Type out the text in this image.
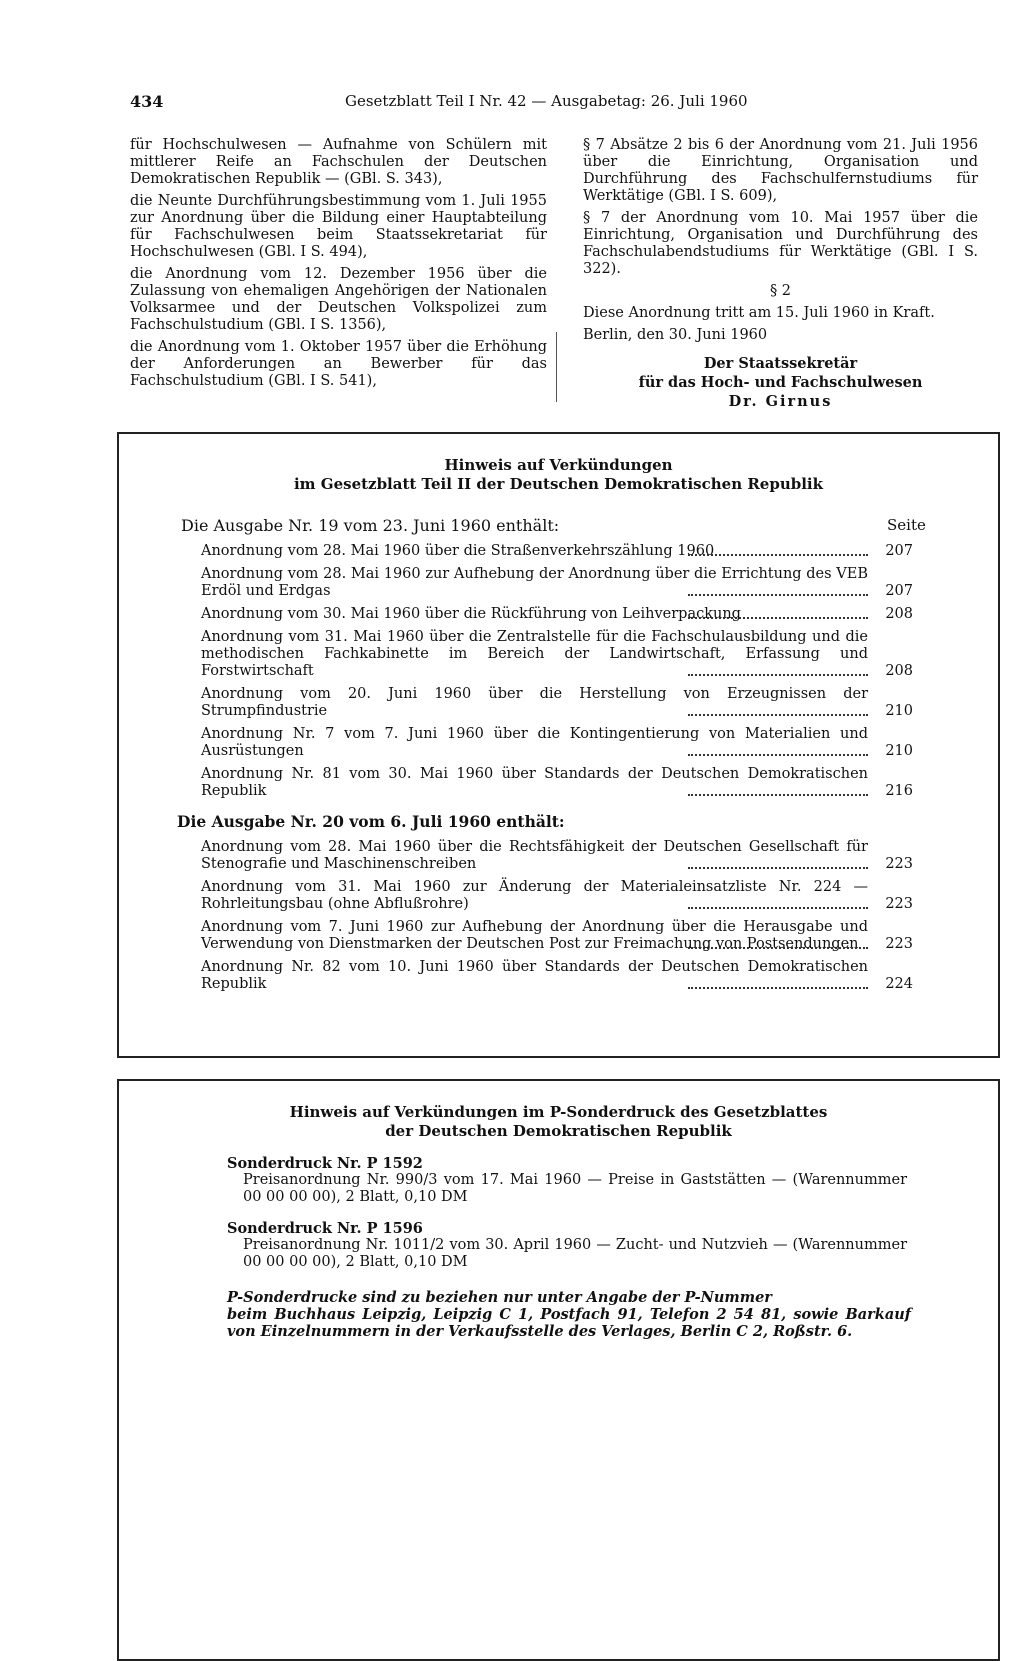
434	Gesetzblatt Teil I Nr. 42 — Ausgabetag: 26. Juli 1960

für Hochschulwesen — Aufnahme von Schülern mit mittlerer Reife an Fachschulen der Deutschen Demokratischen Republik — (GBl. S. 343),

die Neunte Durchführungsbestimmung vom 1. Juli 1955 zur Anordnung über die Bildung einer Hauptabteilung für Fachschulwesen beim Staatssekretariat für Hochschulwesen (GBl. I S. 494),

die Anordnung vom 12. Dezember 1956 über die Zulassung von ehemaligen Angehörigen der Nationalen Volksarmee und der Deutschen Volkspolizei zum Fachschulstudium (GBl. I S. 1356),

die Anordnung vom 1. Oktober 1957 über die Erhöhung der Anforderungen an Bewerber für das Fachschulstudium (GBl. I S. 541),

§ 7 Absätze 2 bis 6 der Anordnung vom 21. Juli 1956 über die Einrichtung, Organisation und Durchführung des Fachschulfernstudiums für Werktätige (GBl. I S. 609),

§ 7 der Anordnung vom 10. Mai 1957 über die Einrichtung, Organisation und Durchführung des Fachschulabendstudiums für Werktätige (GBl. I S. 322).

§ 2

Diese Anordnung tritt am 15. Juli 1960 in Kraft.

Berlin, den 30. Juni 1960

Der Staatssekretär
für das Hoch- und Fachschulwesen
Dr. Girnus
Hinweis auf Verkündungen
im Gesetzblatt Teil II der Deutschen Demokratischen Republik
Die Ausgabe Nr. 19 vom 23. Juni 1960 enthält:	Seite
Anordnung vom 28. Mai 1960 über die Straßenverkehrszählung 1960	207
Anordnung vom 28. Mai 1960 zur Aufhebung der Anordnung über die Errichtung des VEB Erdöl und Erdgas	207
Anordnung vom 30. Mai 1960 über die Rückführung von Leihverpackung	208
Anordnung vom 31. Mai 1960 über die Zentralstelle für die Fachschulausbildung und die methodischen Fachkabinette im Bereich der Landwirtschaft, Erfassung und Forstwirtschaft	208
Anordnung vom 20. Juni 1960 über die Herstellung von Erzeugnissen der Strumpfindustrie	210
Anordnung Nr. 7 vom 7. Juni 1960 über die Kontingentierung von Materialien und Ausrüstungen	210
Anordnung Nr. 81 vom 30. Mai 1960 über Standards der Deutschen Demokratischen Republik	216
Die Ausgabe Nr. 20 vom 6. Juli 1960 enthält:
Anordnung vom 28. Mai 1960 über die Rechtsfähigkeit der Deutschen Gesellschaft für Stenografie und Maschinenschreiben	223
Anordnung vom 31. Mai 1960 zur Änderung der Materialeinsatzliste Nr. 224 — Rohrleitungsbau (ohne Abflußrohre)	223
Anordnung vom 7. Juni 1960 zur Aufhebung der Anordnung über die Herausgabe und Verwendung von Dienstmarken der Deutschen Post zur Freimachung von Postsendungen	223
Anordnung Nr. 82 vom 10. Juni 1960 über Standards der Deutschen Demokratischen Republik	224
Hinweis auf Verkündungen im P-Sonderdruck des Gesetzblattes
der Deutschen Demokratischen Republik
Sonderdruck Nr. P 1592
Preisanordnung Nr. 990/3 vom 17. Mai 1960 — Preise in Gaststätten — (Warennummer 00 00 00 00), 2 Blatt, 0,10 DM
Sonderdruck Nr. P 1596
Preisanordnung Nr. 1011/2 vom 30. April 1960 — Zucht- und Nutzvieh — (Warennummer 00 00 00 00), 2 Blatt, 0,10 DM
P-Sonderdrucke sind zu beziehen nur unter Angabe der P-Nummer
beim Buchhaus Leipzig, Leipzig C 1, Postfach 91, Telefon 2 54 81, sowie Barkauf von Einzelnummern in der Verkaufsstelle des Verlages, Berlin C 2, Roßstr. 6.
